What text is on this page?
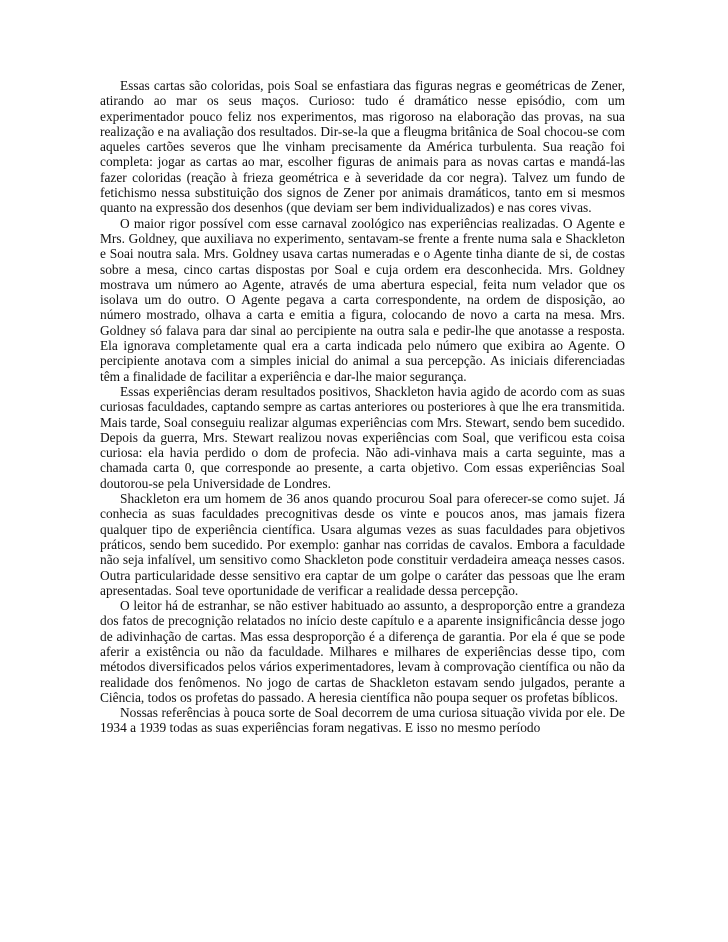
Essas cartas são coloridas, pois Soal se enfastiara das figuras negras e geométricas de Zener, atirando ao mar os seus maços. Curioso: tudo é dramático nesse episódio, com um experimentador pouco feliz nos experimentos, mas rigoroso na elaboração das provas, na sua realização e na avaliação dos resultados. Dir-se-la que a fleugma britânica de Soal chocou-se com aqueles cartões severos que lhe vinham precisamente da América turbulenta. Sua reação foi completa: jogar as cartas ao mar, escolher figuras de animais para as novas cartas e mandá-las fazer coloridas (reação à frieza geométrica e à severidade da cor negra). Talvez um fundo de fetichismo nessa substituição dos signos de Zener por animais dramáticos, tanto em si mesmos quanto na expressão dos desenhos (que deviam ser bem individualizados) e nas cores vivas.

O maior rigor possível com esse carnaval zoológico nas experiências realizadas. O Agente e Mrs. Goldney, que auxiliava no experimento, sentavam-se frente a frente numa sala e Shackleton e Soai noutra sala. Mrs. Goldney usava cartas numeradas e o Agente tinha diante de si, de costas sobre a mesa, cinco cartas dispostas por Soal e cuja ordem era desconhecida. Mrs. Goldney mostrava um número ao Agente, através de uma abertura especial, feita num velador que os isolava um do outro. O Agente pegava a carta correspondente, na ordem de disposição, ao número mostrado, olhava a carta e emitia a figura, colocando de novo a carta na mesa. Mrs. Goldney só falava para dar sinal ao percipiente na outra sala e pedir-lhe que anotasse a resposta. Ela ignorava completamente qual era a carta indicada pelo número que exibira ao Agente. O percipiente anotava com a simples inicial do animal a sua percepção. As iniciais diferenciadas têm a finalidade de facilitar a experiência e dar-lhe maior segurança.

Essas experiências deram resultados positivos, Shackleton havia agido de acordo com as suas curiosas faculdades, captando sempre as cartas anteriores ou posteriores à que lhe era transmitida. Mais tarde, Soal conseguiu realizar algumas experiências com Mrs. Stewart, sendo bem sucedido. Depois da guerra, Mrs. Stewart realizou novas experiências com Soal, que verificou esta coisa curiosa: ela havia perdido o dom de profecia. Não adi-vinhava mais a carta seguinte, mas a chamada carta 0, que corresponde ao presente, a carta objetivo. Com essas experiências Soal doutorou-se pela Universidade de Londres.

Shackleton era um homem de 36 anos quando procurou Soal para oferecer-se como sujet. Já conhecia as suas faculdades precognitivas desde os vinte e poucos anos, mas jamais fizera qualquer tipo de experiência científica. Usara algumas vezes as suas faculdades para objetivos práticos, sendo bem sucedido. Por exemplo: ganhar nas corridas de cavalos. Embora a faculdade não seja infalível, um sensitivo como Shackleton pode constituir verdadeira ameaça nesses casos. Outra particularidade desse sensitivo era captar de um golpe o caráter das pessoas que lhe eram apresentadas. Soal teve oportunidade de verificar a realidade dessa percepção.

O leitor há de estranhar, se não estiver habituado ao assunto, a desproporção entre a grandeza dos fatos de precognição relatados no início deste capítulo e a aparente insignificância desse jogo de adivinhação de cartas. Mas essa desproporção é a diferença de garantia. Por ela é que se pode aferir a existência ou não da faculdade. Milhares e milhares de experiências desse tipo, com métodos diversificados pelos vários experimentadores, levam à comprovação científica ou não da realidade dos fenômenos. No jogo de cartas de Shackleton estavam sendo julgados, perante a Ciência, todos os profetas do passado. A heresia científica não poupa sequer os profetas bíblicos.

Nossas referências à pouca sorte de Soal decorrem de uma curiosa situação vivida por ele. De 1934 a 1939 todas as suas experiências foram negativas. E isso no mesmo período
